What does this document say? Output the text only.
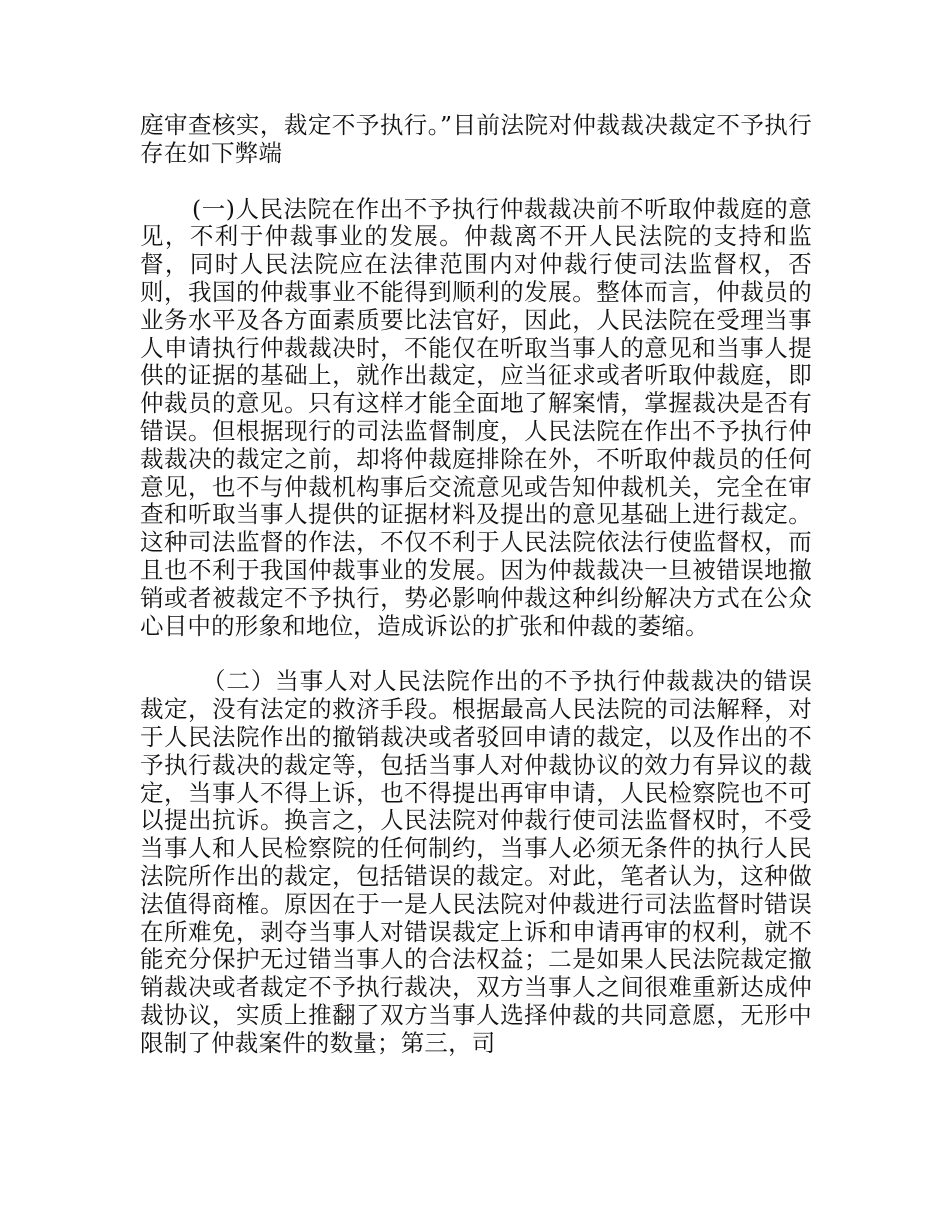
庭审查核实，裁定不予执行。”目前法院对仲裁裁决裁定不予执行存在如下弊端

(一)人民法院在作出不予执行仲裁裁决前不听取仲裁庭的意见，不利于仲裁事业的发展。仲裁离不开人民法院的支持和监督，同时人民法院应在法律范围内对仲裁行使司法监督权，否则，我国的仲裁事业不能得到顺利的发展。整体而言，仲裁员的业务水平及各方面素质要比法官好，因此，人民法院在受理当事人申请执行仲裁裁决时，不能仅在听取当事人的意见和当事人提供的证据的基础上，就作出裁定，应当征求或者听取仲裁庭，即仲裁员的意见。只有这样才能全面地了解案情，掌握裁决是否有错误。但根据现行的司法监督制度，人民法院在作出不予执行仲裁裁决的裁定之前，却将仲裁庭排除在外，不听取仲裁员的任何意见，也不与仲裁机构事后交流意见或告知仲裁机关，完全在审查和听取当事人提供的证据材料及提出的意见基础上进行裁定。这种司法监督的作法，不仅不利于人民法院依法行使监督权，而且也不利于我国仲裁事业的发展。因为仲裁裁决一旦被错误地撤销或者被裁定不予执行，势必影响仲裁这种纠纷解决方式在公众心目中的形象和地位，造成诉讼的扩张和仲裁的萎缩。

（二）当事人对人民法院作出的不予执行仲裁裁决的错误裁定，没有法定的救济手段。根据最高人民法院的司法解释，对于人民法院作出的撤销裁决或者驳回申请的裁定，以及作出的不予执行裁决的裁定等，包括当事人对仲裁协议的效力有异议的裁定，当事人不得上诉，也不得提出再审申请，人民检察院也不可以提出抗诉。换言之，人民法院对仲裁行使司法监督权时，不受当事人和人民检察院的任何制约，当事人必须无条件的执行人民法院所作出的裁定，包括错误的裁定。对此，笔者认为，这种做法值得商榷。原因在于一是人民法院对仲裁进行司法监督时错误在所难免，剥夺当事人对错误裁定上诉和申请再审的权利，就不能充分保护无过错当事人的合法权益；二是如果人民法院裁定撤销裁决或者裁定不予执行裁决，双方当事人之间很难重新达成仲裁协议，实质上推翻了双方当事人选择仲裁的共同意愿，无形中限制了仲裁案件的数量；第三，司
